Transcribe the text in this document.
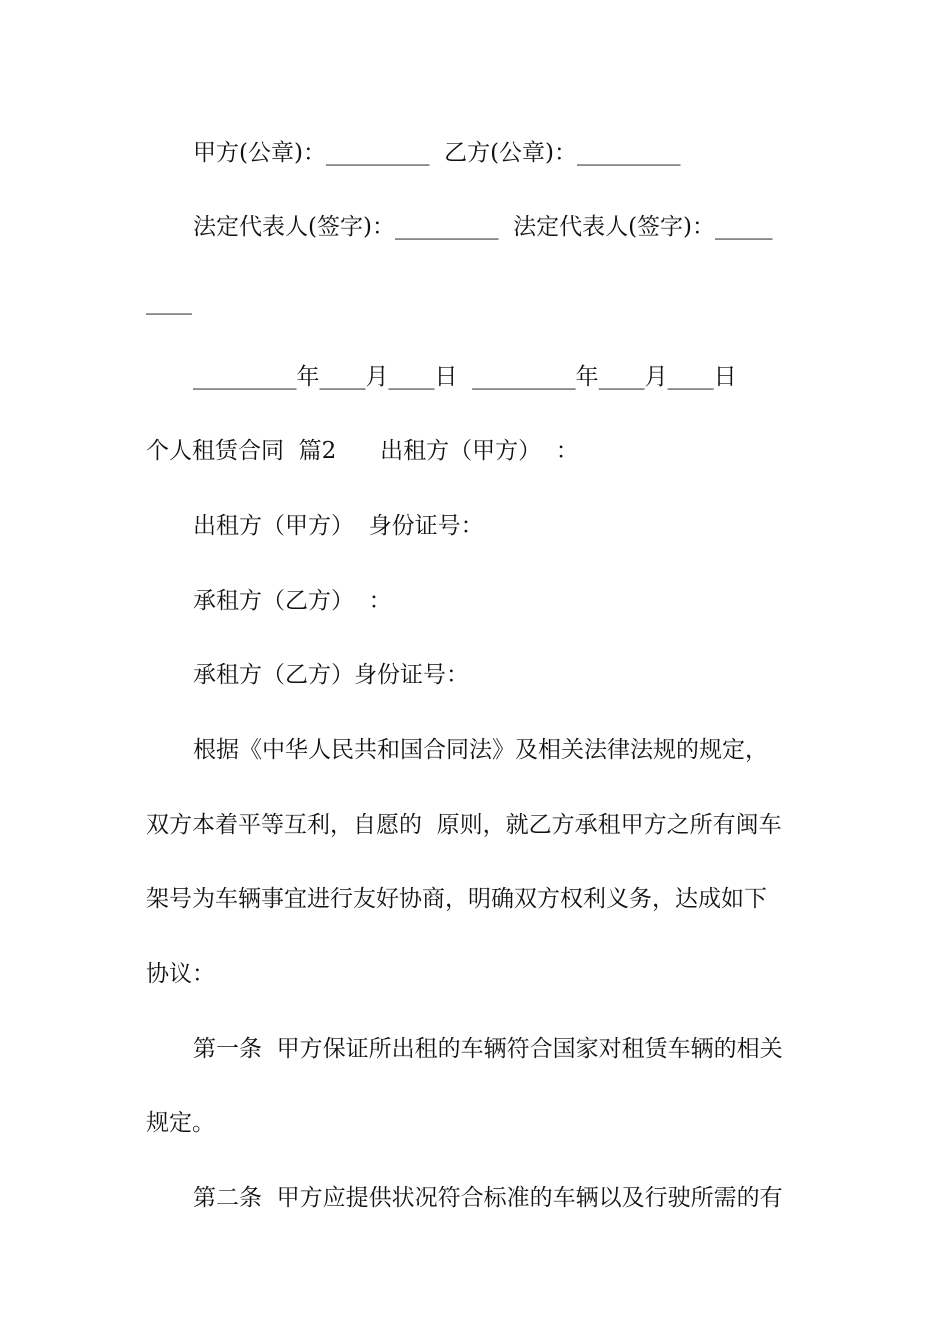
甲方(公章)：_________  乙方(公章)：_________
法定代表人(签字)：_________  法定代表人(签字)：_____
____
_________年____月____日  _________年____月____日
个人租赁合同  篇2      出租方（甲方）  ：
出租方（甲方）  身份证号：
承租方（乙方）  ：
承租方（乙方）身份证号：
根据《中华人民共和国合同法》及相关法律法规的规定，
双方本着平等互利，自愿的  原则，就乙方承租甲方之所有闽车
架号为车辆事宜进行友好协商，明确双方权利义务，达成如下
协议：
第一条  甲方保证所出租的车辆符合国家对租赁车辆的相关
规定。
第二条  甲方应提供状况符合标准的车辆以及行驶所需的有
